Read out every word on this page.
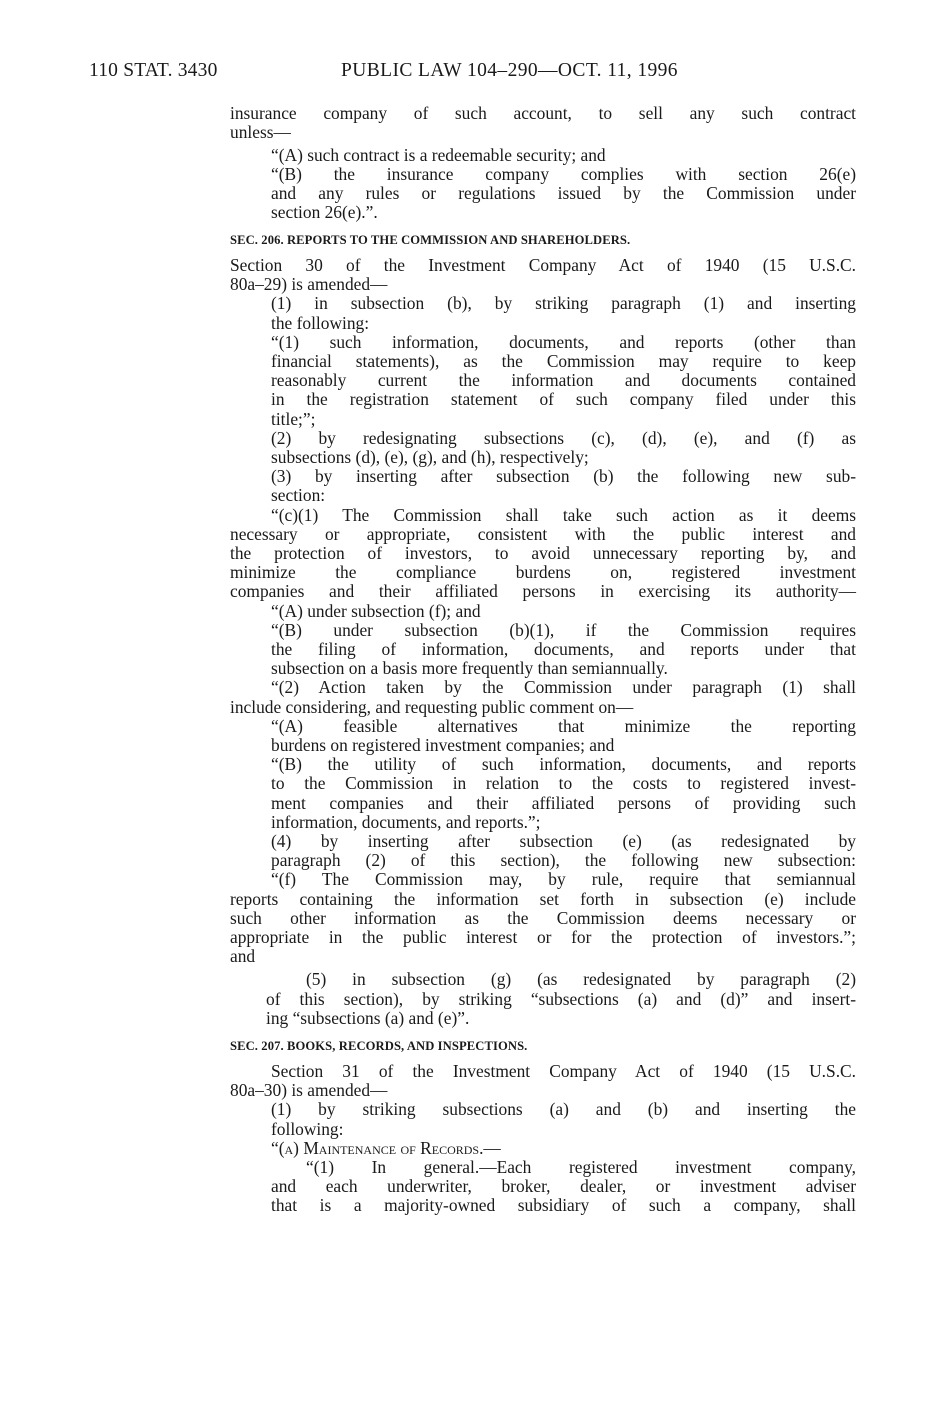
110 STAT. 3430	PUBLIC LAW 104–290—OCT. 11, 1996
insurance company of such account, to sell any such contract
unless—
“(A) such contract is a redeemable security; and
“(B) the insurance company complies with section 26(e)
and any rules or regulations issued by the Commission under
section 26(e).”.
SEC. 206. REPORTS TO THE COMMISSION AND SHAREHOLDERS.
Section 30 of the Investment Company Act of 1940 (15 U.S.C.
80a–29) is amended—
(1) in subsection (b), by striking paragraph (1) and inserting
the following:
“(1) such information, documents, and reports (other than
financial statements), as the Commission may require to keep
reasonably current the information and documents contained
in the registration statement of such company filed under this
title;”;
(2) by redesignating subsections (c), (d), (e), and (f) as
subsections (d), (e), (g), and (h), respectively;
(3) by inserting after subsection (b) the following new sub-
section:
“(c)(1) The Commission shall take such action as it deems
necessary or appropriate, consistent with the public interest and
the protection of investors, to avoid unnecessary reporting by, and
minimize the compliance burdens on, registered investment
companies and their affiliated persons in exercising its authority—
“(A) under subsection (f); and
“(B) under subsection (b)(1), if the Commission requires
the filing of information, documents, and reports under that
subsection on a basis more frequently than semiannually.
“(2) Action taken by the Commission under paragraph (1) shall
include considering, and requesting public comment on—
“(A) feasible alternatives that minimize the reporting
burdens on registered investment companies; and
“(B) the utility of such information, documents, and reports
to the Commission in relation to the costs to registered invest-
ment companies and their affiliated persons of providing such
information, documents, and reports.”;
(4) by inserting after subsection (e) (as redesignated by
paragraph (2) of this section), the following new subsection:
“(f) The Commission may, by rule, require that semiannual
reports containing the information set forth in subsection (e) include
such other information as the Commission deems necessary or
appropriate in the public interest or for the protection of investors.”;
and
(5) in subsection (g) (as redesignated by paragraph (2)
of this section), by striking “subsections (a) and (d)” and insert-
ing “subsections (a) and (e)”.
SEC. 207. BOOKS, RECORDS, AND INSPECTIONS.
Section 31 of the Investment Company Act of 1940 (15 U.S.C.
80a–30) is amended—
(1) by striking subsections (a) and (b) and inserting the
following:
“(a) Maintenance of Records.—
“(1) In general.—Each registered investment company,
and each underwriter, broker, dealer, or investment adviser
that is a majority-owned subsidiary of such a company, shall
